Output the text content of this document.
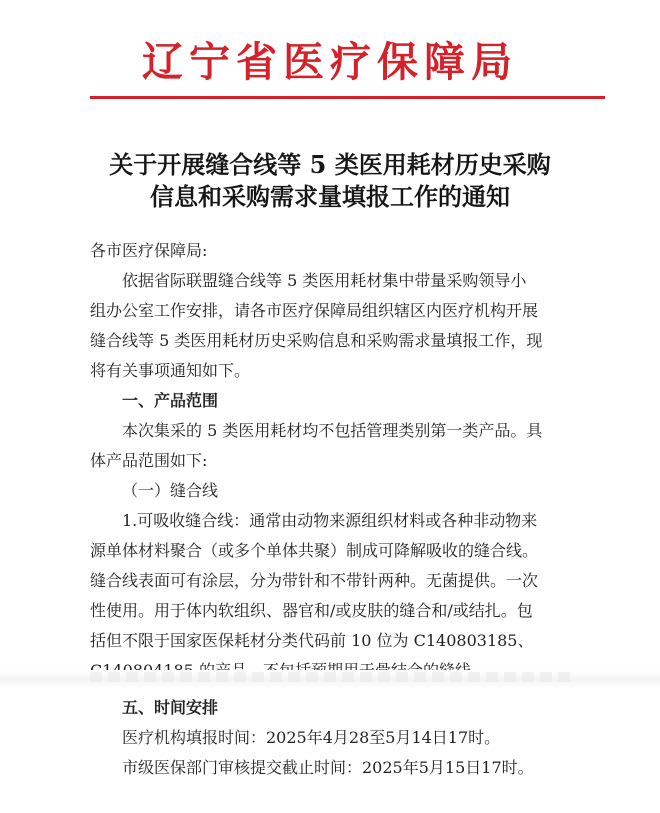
辽宁省医疗保障局
关于开展缝合线等 5 类医用耗材历史采购
信息和采购需求量填报工作的通知
各市医疗保障局:
依据省际联盟缝合线等 5 类医用耗材集中带量采购领导小
组办公室工作安排，请各市医疗保障局组织辖区内医疗机构开展
缝合线等 5 类医用耗材历史采购信息和采购需求量填报工作，现
将有关事项通知如下。
一、产品范围
本次集采的 5 类医用耗材均不包括管理类别第一类产品。具
体产品范围如下:
（一）缝合线
1.可吸收缝合线：通常由动物来源组织材料或各种非动物来
源单体材料聚合（或多个单体共聚）制成可降解吸收的缝合线。
缝合线表面可有涂层，分为带针和不带针两种。无菌提供。一次
性使用。用于体内软组织、器官和/或皮肤的缝合和/或结扎。包
括但不限于国家医保耗材分类代码前 10 位为 C140803185、
五、时间安排
医疗机构填报时间：2025年4月28至5月14日17时。
市级医保部门审核提交截止时间：2025年5月15日17时。
